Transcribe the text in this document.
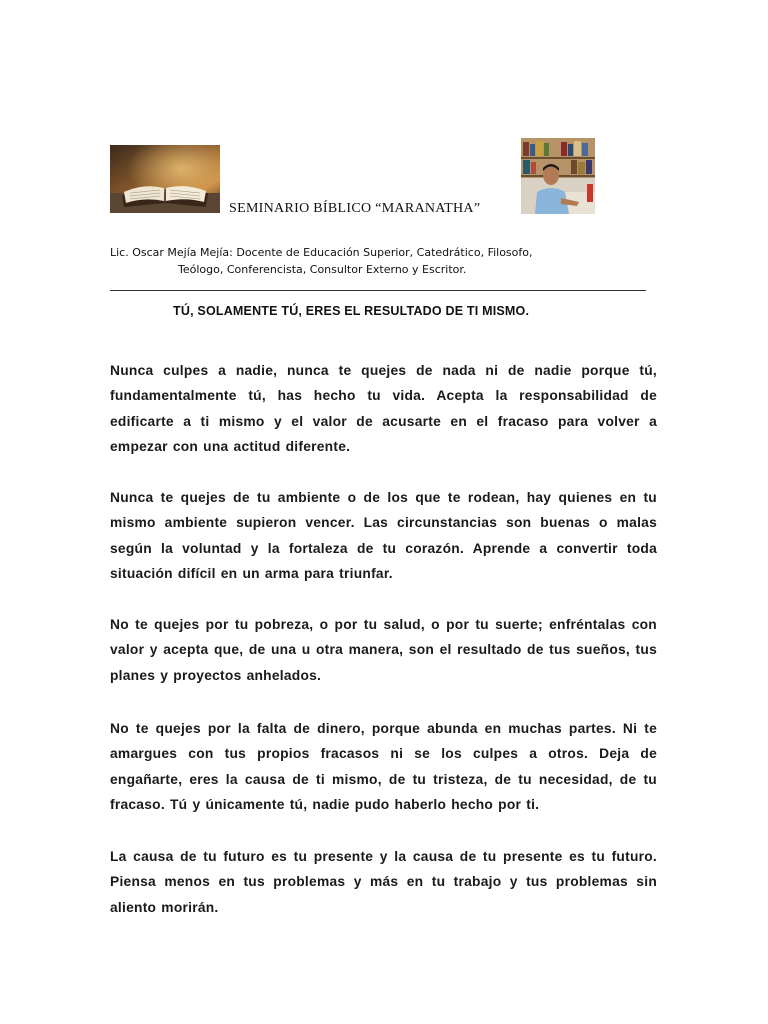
SEMINARIO BÍBLICO “MARANATHA”
Lic. Oscar Mejía Mejía: Docente de Educación Superior, Catedrático, Filosofo,
Teólogo, Conferencista, Consultor Externo y Escritor.
TÚ, SOLAMENTE TÚ, ERES EL RESULTADO DE TI MISMO.

Nunca culpes a nadie, nunca te quejes de nada ni de nadie porque tú, fundamentalmente tú, has hecho tu vida. Acepta la responsabilidad de edificarte a ti mismo y el valor de acusarte en el fracaso para volver a empezar con una actitud diferente.

Nunca te quejes de tu ambiente o de los que te rodean, hay quienes en tu mismo ambiente supieron vencer. Las circunstancias son buenas o malas según la voluntad y la fortaleza de tu corazón. Aprende a convertir toda situación difícil en un arma para triunfar.

No te quejes por tu pobreza, o por tu salud, o por tu suerte; enfréntalas con valor y acepta que, de una u otra manera, son el resultado de tus sueños, tus planes y proyectos anhelados.

No te quejes por la falta de dinero, porque abunda en muchas partes. Ni te amargues con tus propios fracasos ni se los culpes a otros. Deja de engañarte, eres la causa de ti mismo, de tu tristeza, de tu necesidad, de tu fracaso. Tú y únicamente tú, nadie pudo haberlo hecho por ti.

La causa de tu futuro es tu presente y la causa de tu presente es tu futuro. Piensa menos en tus problemas y más en tu trabajo y tus problemas sin aliento morirán.
